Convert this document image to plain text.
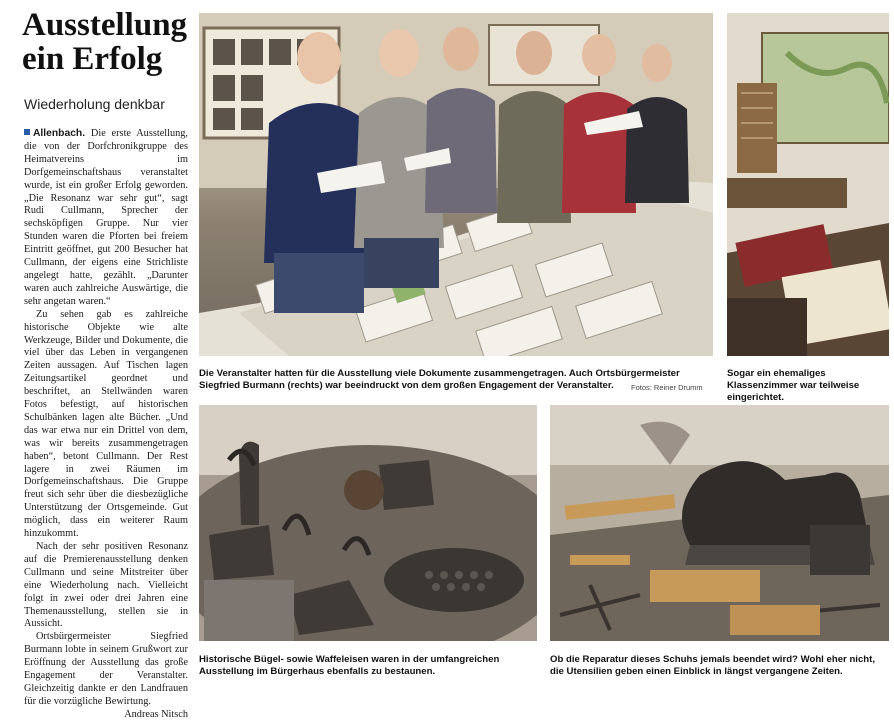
Ausstellung ein Erfolg
Wiederholung denkbar

Allenbach. Die erste Ausstellung, die von der Dorfchronikgruppe des Heimatvereins im Dorfgemeinschaftshaus veranstaltet wurde, ist ein großer Erfolg geworden. „Die Resonanz war sehr gut“, sagt Rudi Cullmann, Sprecher der sechsköpfigen Gruppe. Nur vier Stunden waren die Pforten bei freiem Eintritt geöffnet, gut 200 Besucher hat Cullmann, der eigens eine Strichliste angelegt hatte, gezählt. „Darunter waren auch zahlreiche Auswärtige, die sehr angetan waren.“

Zu sehen gab es zahlreiche historische Objekte wie alte Werkzeuge, Bilder und Dokumente, die viel über das Leben in vergangenen Zeiten aussagen. Auf Tischen lagen Zeitungsartikel geordnet und beschriftet, an Stellwänden waren Fotos befestigt, auf historischen Schulbänken lagen alte Bücher. „Und das war etwa nur ein Drittel von dem, was wir bereits zusammengetragen haben“, betont Cullmann. Der Rest lagere in zwei Räumen im Dorfgemeinschaftshaus. Die Gruppe freut sich sehr über die diesbezügliche Unterstützung der Ortsgemeinde. Gut möglich, dass ein weiterer Raum hinzukommt.

Nach der sehr positiven Resonanz auf die Premierenausstellung denken Cullmann und seine Mitstreiter über eine Wiederholung nach. Vielleicht folgt in zwei oder drei Jahren eine Themenausstellung, stellen sie in Aussicht.

Ortsbürgermeister Siegfried Burmann lobte in seinem Grußwort zur Eröffnung der Ausstellung das große Engagement der Veranstalter. Gleichzeitig dankte er den Landfrauen für die vorzügliche Bewirtung.

Andreas Nitsch
Die Veranstalter hatten für die Ausstellung viele Dokumente zusammengetragen. Auch Ortsbürgermeister Siegfried Burmann (rechts) war beeindruckt von dem großen Engagement der Veranstalter.	Fotos: Reiner Drumm
Sogar ein ehemaliges Klassenzimmer war teilweise eingerichtet.
Historische Bügel- sowie Waffeleisen waren in der umfangreichen Ausstellung im Bürgerhaus ebenfalls zu bestaunen.
Ob die Reparatur dieses Schuhs jemals beendet wird? Wohl eher nicht, die Utensilien geben einen Einblick in längst vergangene Zeiten.
